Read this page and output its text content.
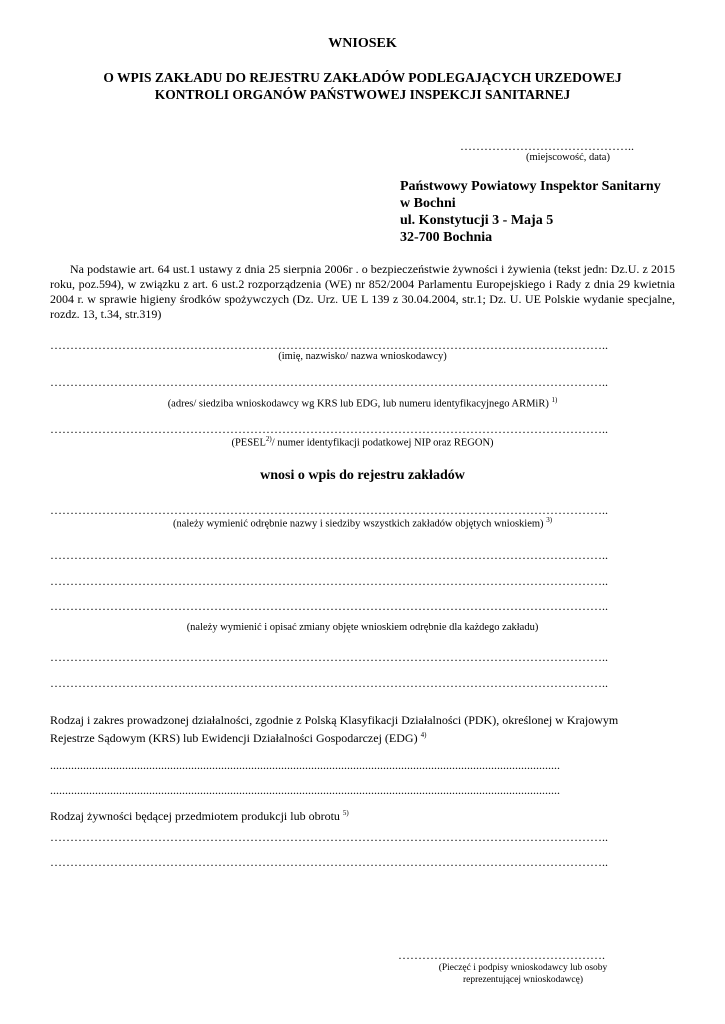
WNIOSEK
O WPIS ZAKŁADU DO REJESTRU ZAKŁADÓW PODLEGAJĄCYCH URZEDOWEJ
KONTROLI ORGANÓW PAŃSTWOWEJ INSPEKCJI SANITARNEJ
……………………………………..
(miejscowość, data)
Państwowy Powiatowy Inspektor Sanitarny
w Bochni
ul. Konstytucji 3 - Maja 5
32-700 Bochnia
Na podstawie art. 64 ust.1 ustawy z dnia 25 sierpnia 2006r . o bezpieczeństwie żywności i żywienia (tekst jedn: Dz.U. z 2015 roku, poz.594), w związku z art. 6 ust.2 rozporządzenia (WE) nr 852/2004 Parlamentu Europejskiego i Rady z dnia 29 kwietnia 2004 r. w sprawie higieny środków spożywczych (Dz. Urz. UE L 139 z 30.04.2004, str.1; Dz. U. UE Polskie wydanie specjalne, rozdz. 13, t.34, str.319)
…………………………………………………………………………………………………………………………..
(imię, nazwisko/ nazwa wnioskodawcy)
…………………………………………………………………………………………………………………………..
(adres/ siedziba wnioskodawcy wg KRS lub EDG, lub numeru identyfikacyjnego ARMiR) $^{1)}$
…………………………………………………………………………………………………………………………..
(PESEL$^{2)}$/ numer identyfikacji podatkowej NIP oraz REGON)
wnosi o wpis do rejestru zakładów
…………………………………………………………………………………………………………………………..
(należy wymienić odrębnie nazwy i siedziby wszystkich zakładów objętych wnioskiem) $^{3)}$
…………………………………………………………………………………………………………………………..
…………………………………………………………………………………………………………………………..
…………………………………………………………………………………………………………………………..
(należy wymienić i opisać zmiany objęte wnioskiem odrębnie dla każdego zakładu)
…………………………………………………………………………………………………………………………..
…………………………………………………………………………………………………………………………..
Rodzaj i zakres prowadzonej działalności, zgodnie z Polską Klasyfikacji Działalności (PDK), określonej w Krajowym
Rejestrze Sądowym (KRS) lub Ewidencji Działalności Gospodarczej (EDG) $^{4)}$
..........................................................................................................................................................................
..........................................................................................................................................................................
Rodzaj żywności będącej przedmiotem produkcji lub obrotu $^{5)}$
…………………………………………………………………………………………………………………………..
…………………………………………………………………………………………………………………………..
…………………………………………….
(Pieczęć i podpisy wnioskodawcy lub osoby
reprezentującej wnioskodawcę)
